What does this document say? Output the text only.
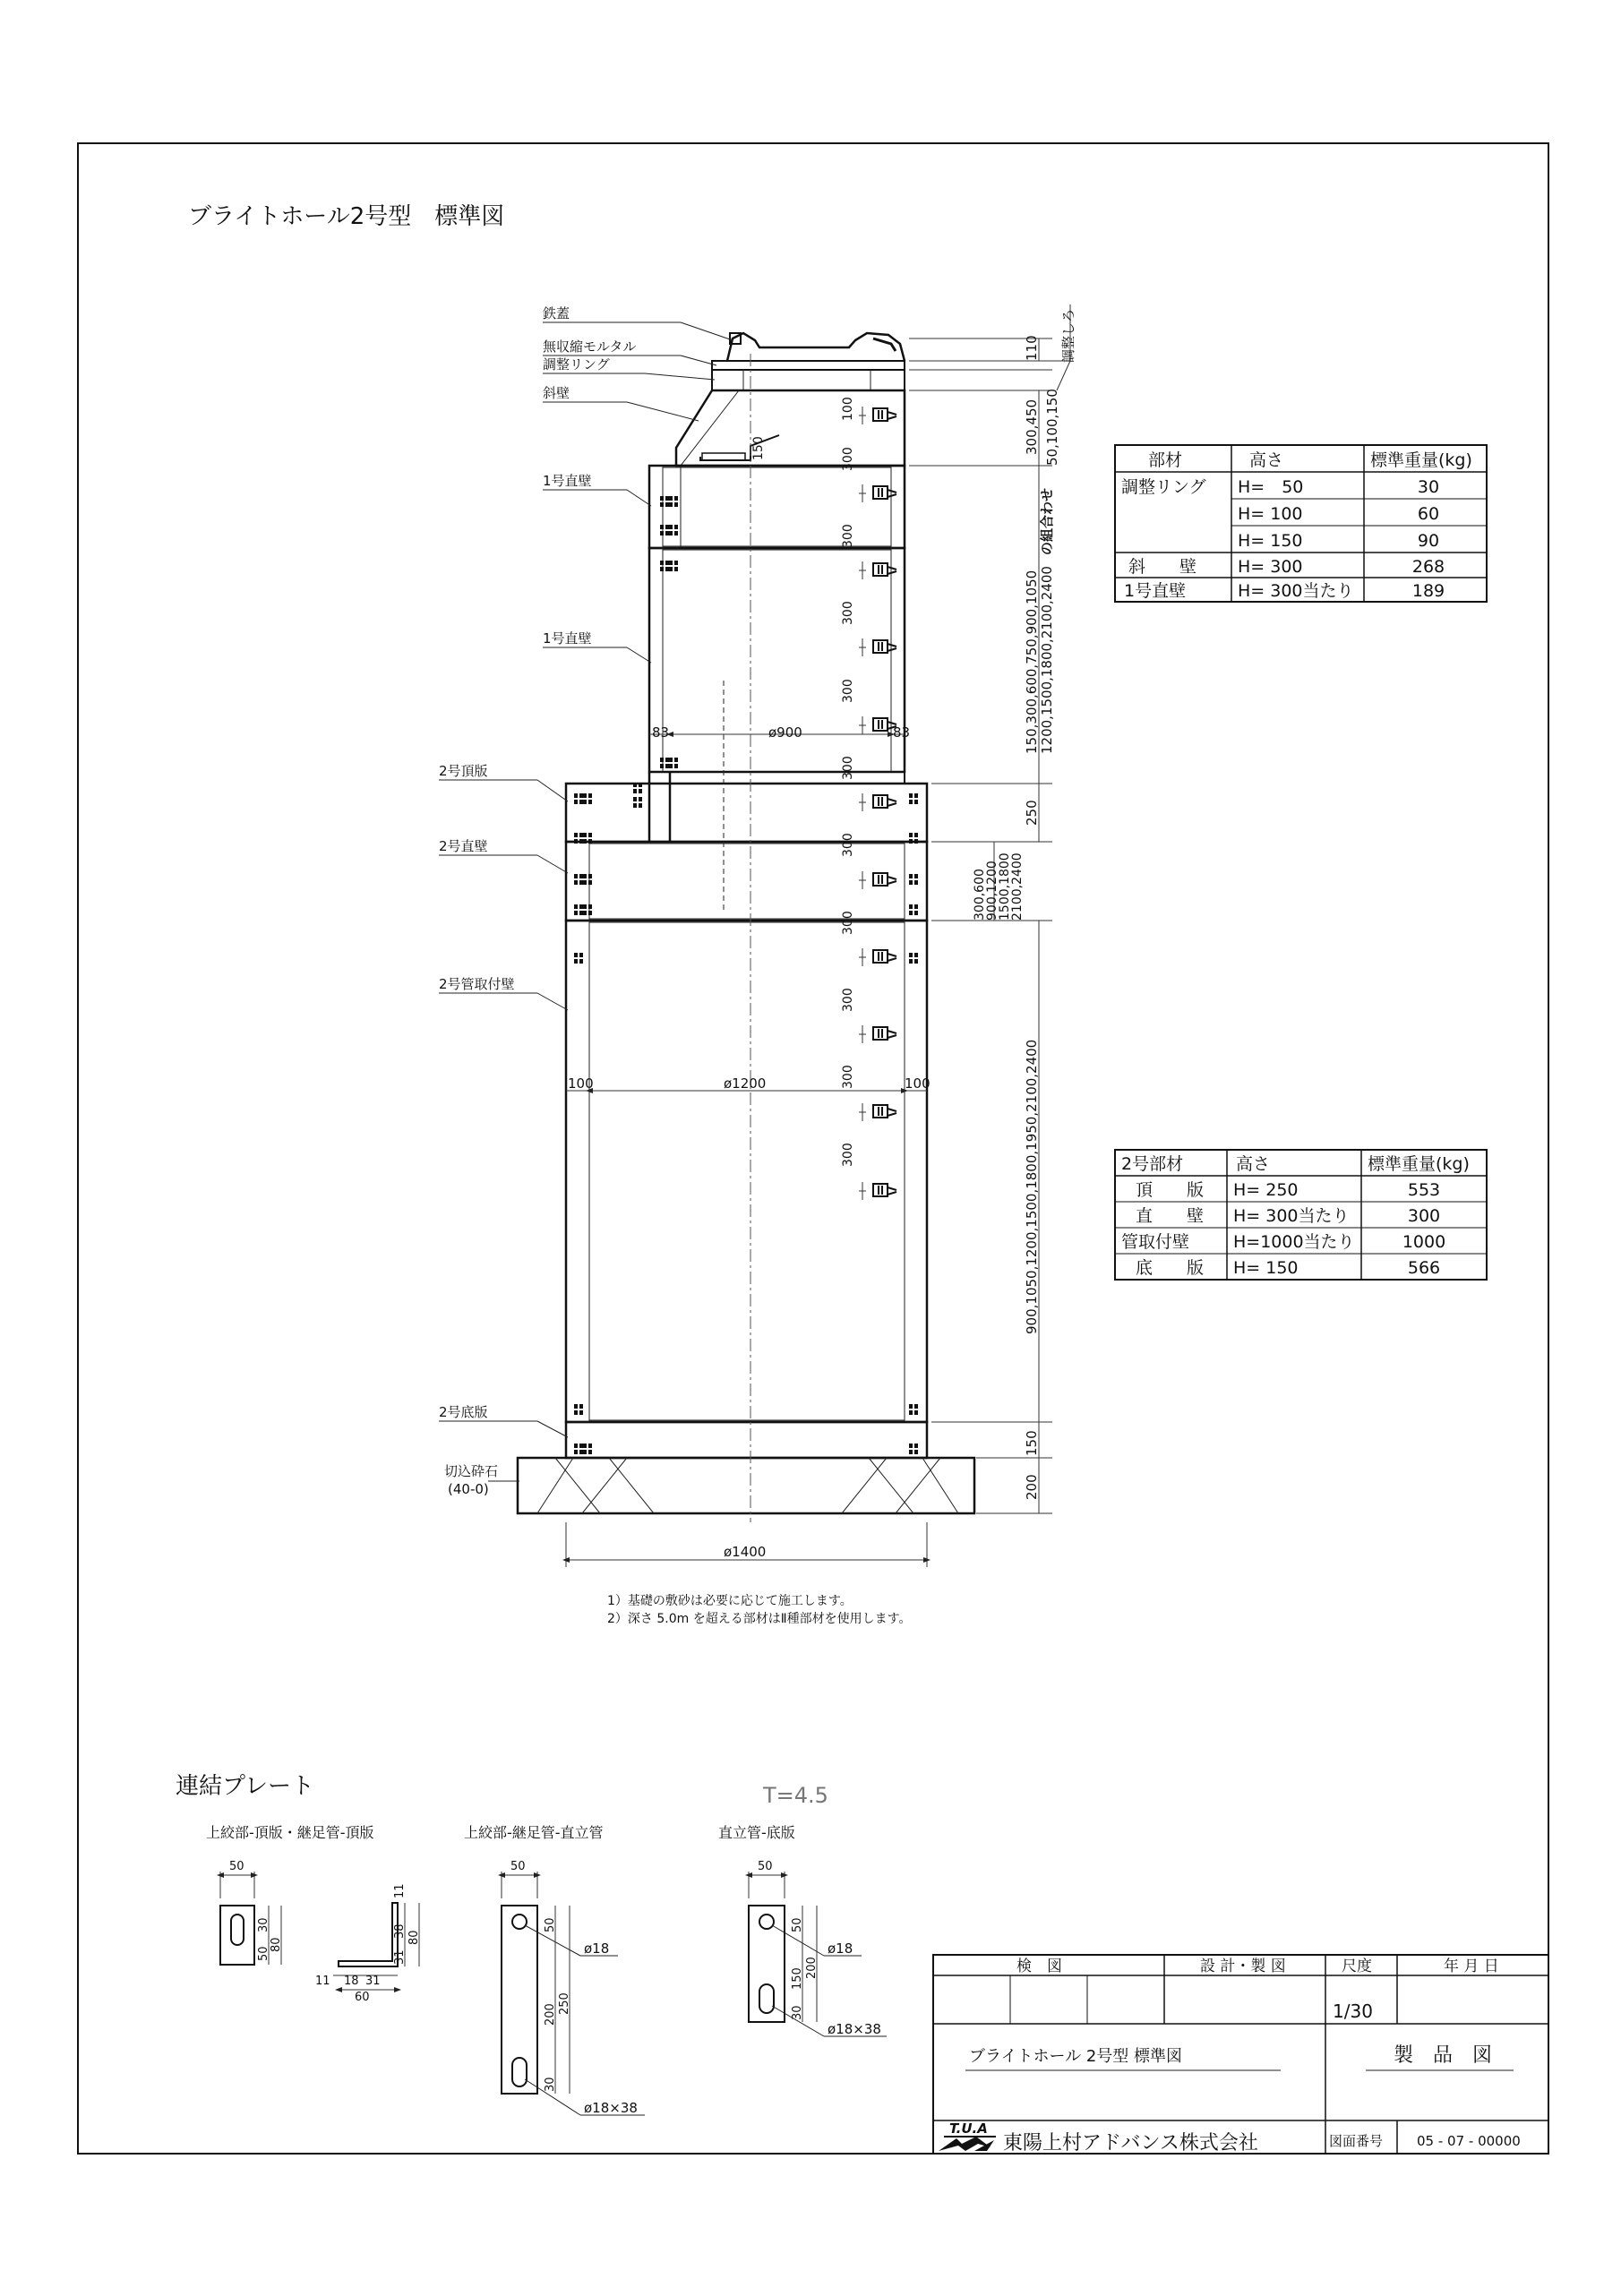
ブライトホール2号型　標準図
100
300
300
300
300
300
300
300
300
300
300
150
83	83
ø900
100	100
ø1200
ø1400
110
300,450 50,100,150
150,300,600,750,900,1050 1200,1500,1800,2100,2400
の組合わせ
250
300,600
900,1200
1500,1800
2100,2400
900,1050,1200,1500,1800,1950,2100,2400
150
200
調整しろ
鉄蓋
無収縮モルタル
調整リング
斜壁
1号直壁
1号直壁
2号頂版
2号直壁
2号管取付壁
2号底版
切込砕石
(40-0)
1）基礎の敷砂は必要に応じて施工します。
2）深さ 5.0m を超える部材はⅡ種部材を使用します。
部材	高さ	標準重量(kg)
調整リング H=　50	30
H= 100	60
H= 150	90
斜　　壁 H= 300	268
1号直壁	H= 300当たり	189
2号部材	高さ	標準重量(kg)
頂　　版 H= 250	553
直　　壁 H= 300当たり	300
管取付壁	H=1000当たり	1000
底　　版 H= 150	566
連結プレート	T=4.5
上絞部-頂版・継足管-頂版	上絞部-継足管-直立管	直立管-底版
50
30
50
80
11 18 31
60
11
38
31
80
50
50
200
30
250
ø18
ø18×38
50
50
150
30
200
ø18
ø18×38
検　図	設 計・製 図	尺度	年 月 日
1/30
ブライトホール 2号型 標準図	製　品　図
T.U.A
東陽上村アドバンス株式会社	図面番号	05 - 07 - 00000
